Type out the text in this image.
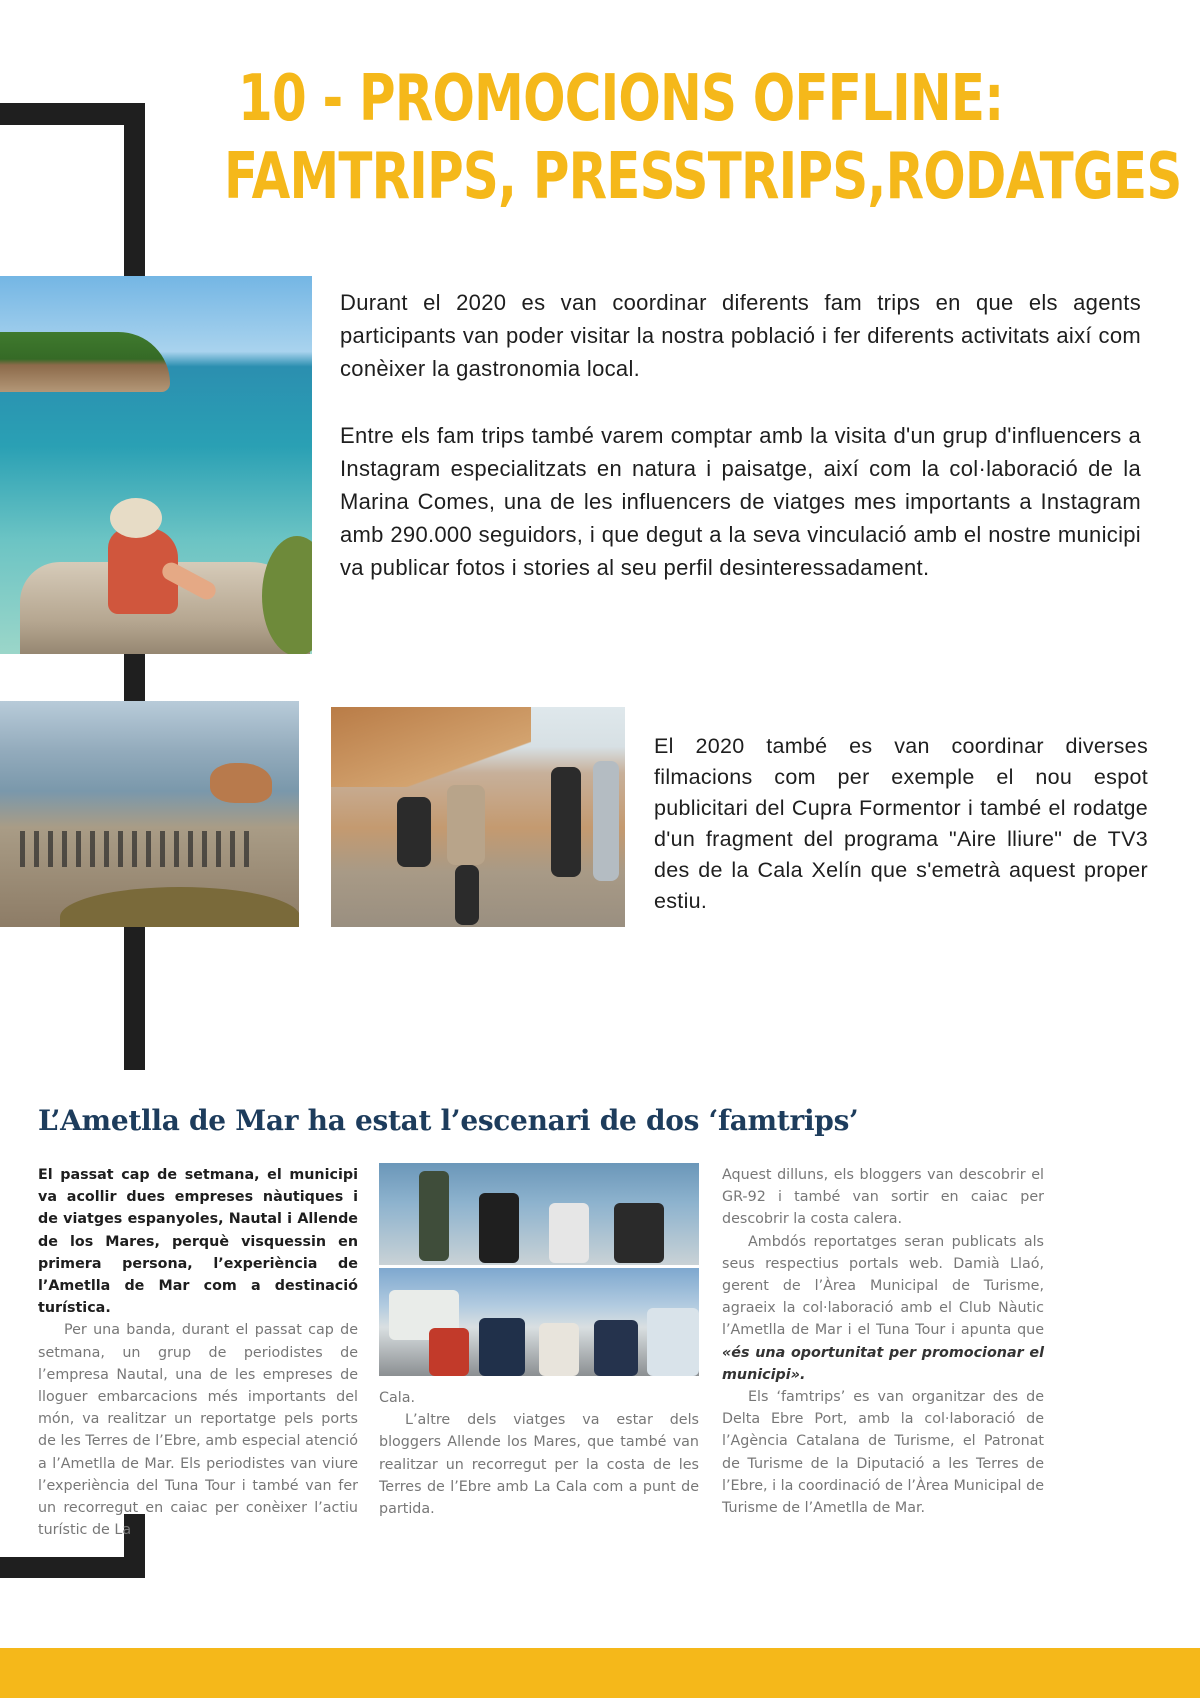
10 - PROMOCIONS OFFLINE:
FAMTRIPS, PRESSTRIPS,RODATGES

Durant el 2020 es van coordinar diferents fam trips en que els agents participants van poder visitar la nostra població i fer diferents activitats així com conèixer la gastronomia local.

Entre els fam trips també varem comptar amb la visita d'un grup d'influencers a Instagram especialitzats en natura i paisatge, així com la col·laboració de la Marina Comes, una de les influencers de viatges mes importants a Instagram amb 290.000 seguidors, i que degut a la seva vinculació amb el nostre municipi va publicar fotos i stories al seu perfil desinteressadament.

El 2020 també es van coordinar diverses filmacions com per exemple el nou espot publicitari del Cupra Formentor i també el rodatge d'un fragment del programa "Aire lliure" de TV3 des de la Cala Xelín que s'emetrà aquest proper estiu.

L’Ametlla de Mar ha estat l’escenari de dos ‘famtrips’

El passat cap de setmana, el municipi va acollir dues empreses nàutiques i de viatges espanyoles, Nautal i Allende de los Mares, perquè visquessin en primera persona, l’experiència de l’Ametlla de Mar com a destinació turística.

Per una banda, durant el passat cap de setmana, un grup de periodistes de l’empresa Nautal, una de les empreses de lloguer embarcacions més importants del món, va realitzar un reportatge pels ports de les Terres de l’Ebre, amb especial atenció a l’Ametlla de Mar. Els periodistes van viure l’experiència del Tuna Tour i també van fer un recorregut en caiac per conèixer l’actiu turístic de La

Cala.

L’altre dels viatges va estar dels bloggers Allende los Mares, que també van realitzar un recorregut per la costa de les Terres de l’Ebre amb La Cala com a punt de partida.

Aquest dilluns, els bloggers van descobrir el GR-92 i també van sortir en caiac per descobrir la costa calera.

Ambdós reportatges seran publicats als seus respectius portals web. Damià Llaó, gerent de l’Àrea Municipal de Turisme, agraeix la col·laboració amb el Club Nàutic l’Ametlla de Mar i el Tuna Tour i apunta que «és una oportunitat per promocionar el municipi».

Els ‘famtrips’ es van organitzar des de Delta Ebre Port, amb la col·laboració de l’Agència Catalana de Turisme, el Patronat de Turisme de la Diputació a les Terres de l’Ebre, i la coordinació de l’Àrea Municipal de Turisme de l’Ametlla de Mar.
